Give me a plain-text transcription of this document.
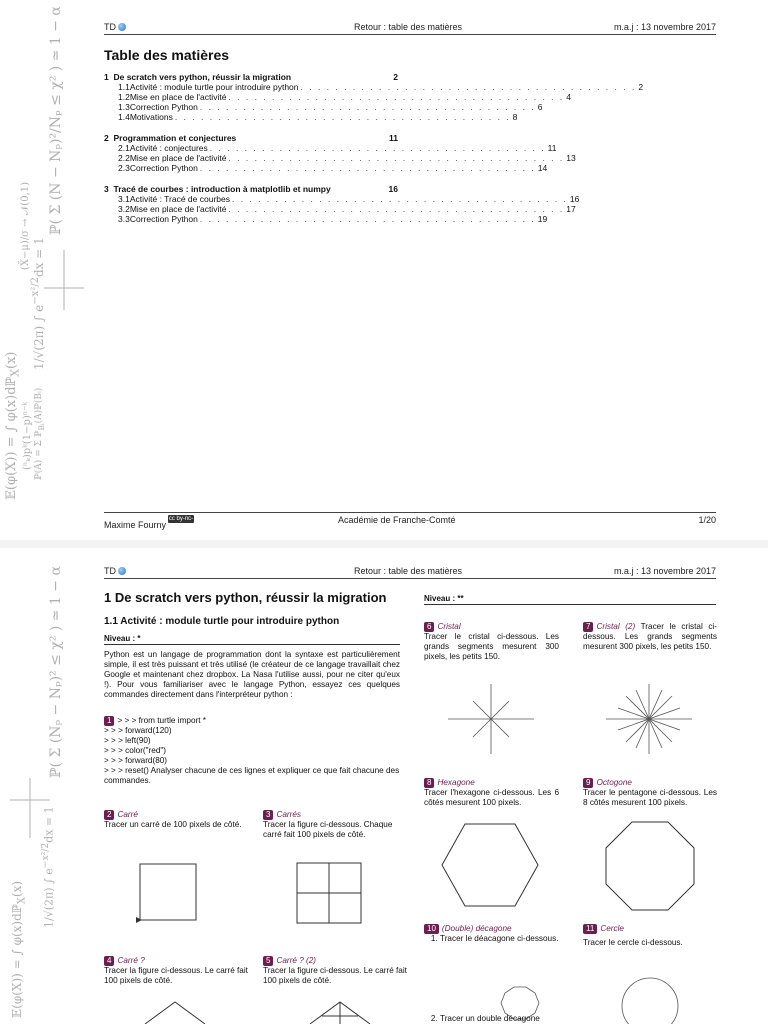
𝔼(φ(X)) = ∫ φ(x)dℙ$_X$(x)
(ⁿₖ)pᵏ(1−p)ⁿ⁻ᵏ ℙ(A) = Σ ℙ$_{Bᵢ}$(A)ℙ(Bᵢ)
1/√(2π) ∫ $e^{-x^2/2}dx = 1$
(X̄−μ)/σ → 𝒩(0,1) ℙ( Σ (N − Nₚ)²/Nₚ ≤ χ² ) ≃ 1 − α
𝔼(φ(X)) = ∫ φ(x)dℙ$_X$(x)	1/√(2π) ∫ $e^{-x^2/2}dx = 1$
ℙ( Σ (Nₚ − Nₚ)² ≤ χ² ) ≃ 1 − α
TD	Retour : table des matières	m.a.j : 13 novembre 2017
Table des matières
1 De scratch vers python, réussir la migration	2
1.1 Activité : module turtle pour introduire python . . . . . . . . . . . . . . . . . . . . . . . . . . . . . . . . . . . . . . . 2
1.2 Mise en place de l'activité . . . . . . . . . . . . . . . . . . . . . . . . . . . . . . . . . . . . . . . 4
1.3 Correction Python . . . . . . . . . . . . . . . . . . . . . . . . . . . . . . . . . . . . . . . 6
1.4 Motivations . . . . . . . . . . . . . . . . . . . . . . . . . . . . . . . . . . . . . . . 8
2 Programmation et conjectures	11
2.1 Activité : conjectures . . . . . . . . . . . . . . . . . . . . . . . . . . . . . . . . . . . . . . . 11
2.2 Mise en place de l'activité . . . . . . . . . . . . . . . . . . . . . . . . . . . . . . . . . . . . . . . 13
2.3 Correction Python . . . . . . . . . . . . . . . . . . . . . . . . . . . . . . . . . . . . . . . 14
3 Tracé de courbes : introduction à matplotlib et numpy	16
3.1 Activité : Tracé de courbes . . . . . . . . . . . . . . . . . . . . . . . . . . . . . . . . . . . . . . . 16
3.2 Mise en place de l'activité . . . . . . . . . . . . . . . . . . . . . . . . . . . . . . . . . . . . . . . 17
3.3 Correction Python . . . . . . . . . . . . . . . . . . . . . . . . . . . . . . . . . . . . . . . 19
Maxime Fournycc by-nc-sa
Académie de Franche-Comté	1/20
TD	Retour : table des matières	m.a.j : 13 novembre 2017
1 De scratch vers python, réussir la migration
1.1 Activité : module turtle pour introduire python
Niveau : *
Python est un langage de programmation dont la syntaxe est particulièrement simple, il est très puissant et très utilisé (le créateur de ce langage travaillait chez Google et maintenant chez dropbox. La Nasa l'utilise aussi, pour ne citer qu'eux !). Pour vous familiariser avec le langage Python, essayez ces quelques commandes directement dans l'interpréteur python :
1 > > > from turtle import *
> > > forward(120)
> > > left(90)
> > > color("red")
> > > forward(80)
> > > reset() Analyser chacune de ces lignes et expliquer ce que fait chacune des commandes.
2 Carré
Tracer un carré de 100 pixels de côté.
3 Carrés
Tracer la figure ci-dessous. Chaque carré fait 100 pixels de côté.
4 Carré ?
Tracer la figure ci-dessous. Le carré fait 100 pixels de côté.
5 Carré ? (2)
Tracer la figure ci-dessous. Le carré fait 100 pixels de côté.
Niveau : **
6 Cristal
Tracer le cristal ci-dessous. Les grands segments mesurent 300 pixels, les petits 150.
7 Cristal (2) Tracer le cristal ci-dessous. Les grands segments mesurent 300 pixels, les petits 150.
8 Hexagone
Tracer l'hexagone ci-dessous. Les 6 côtés mesurent 100 pixels.
9 Octogone
Tracer le pentagone ci-dessous. Les 8 côtés mesurent 100 pixels.
10 (Double) décagone
1. Tracer le déacagone ci-dessous.
2. Tracer un double décagone
11 Cercle
Tracer le cercle ci-dessous.
